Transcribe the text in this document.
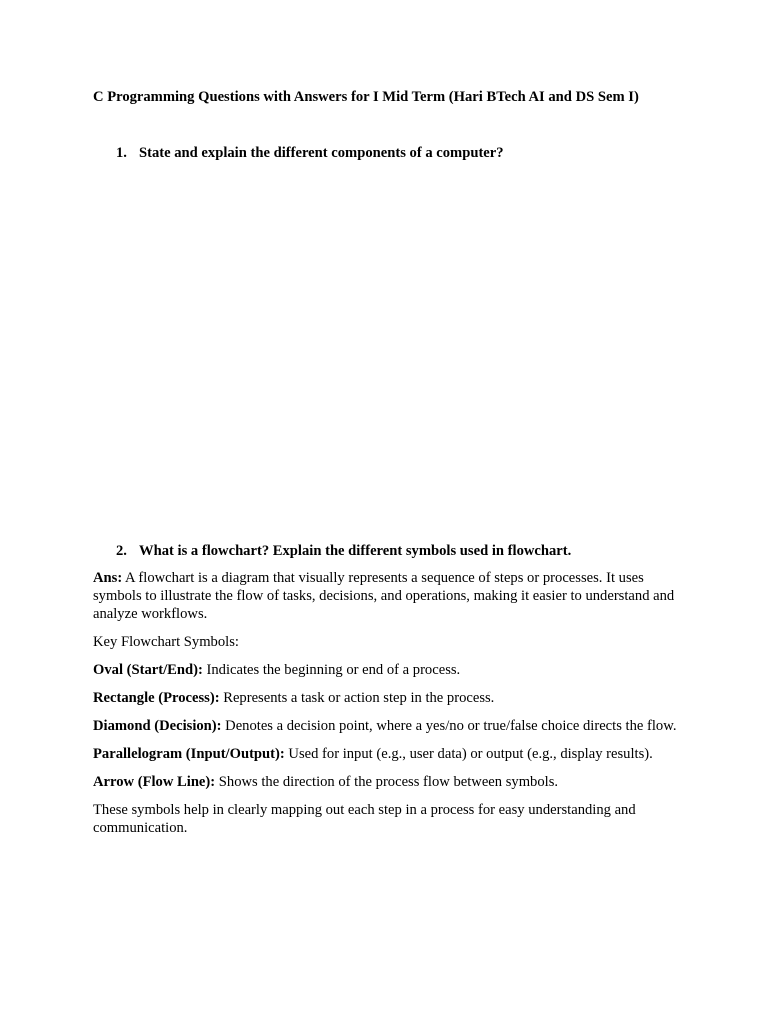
C Programming Questions with Answers for I Mid Term (Hari BTech AI and DS Sem I)
1. State and explain the different components of a computer?
2. What is a flowchart? Explain the different symbols used in flowchart.

Ans: A flowchart is a diagram that visually represents a sequence of steps or processes. It uses symbols to illustrate the flow of tasks, decisions, and operations, making it easier to understand and analyze workflows.

Key Flowchart Symbols:

Oval (Start/End): Indicates the beginning or end of a process.

Rectangle (Process): Represents a task or action step in the process.

Diamond (Decision): Denotes a decision point, where a yes/no or true/false choice directs the flow.

Parallelogram (Input/Output): Used for input (e.g., user data) or output (e.g., display results).

Arrow (Flow Line): Shows the direction of the process flow between symbols.

These symbols help in clearly mapping out each step in a process for easy understanding and communication.
